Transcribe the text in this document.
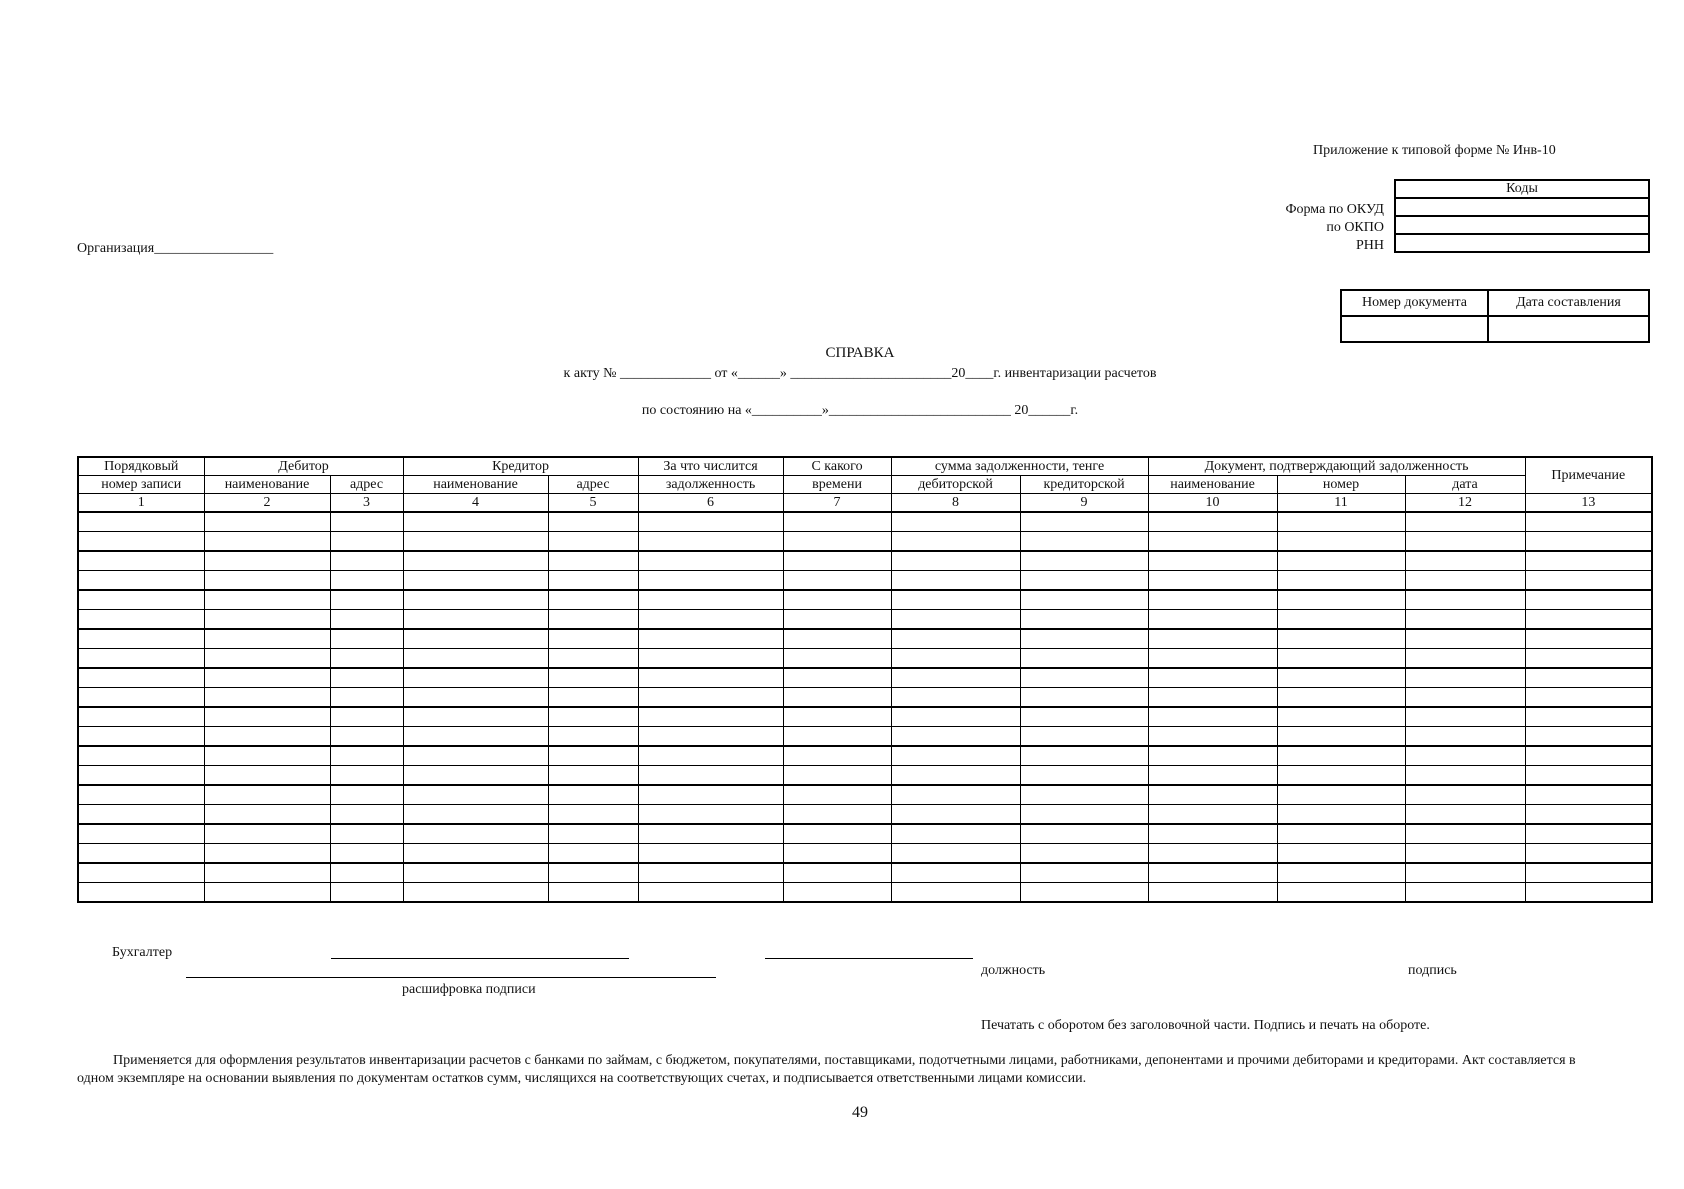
Приложение к типовой форме № Инв-10
Форма по ОКУД
по ОКПО
РНН
Коды

Организация_________________
Номер документа	Дата составления

СПРАВКА
к акту № _____________ от «______» _______________________20____г. инвентаризации расчетов
по состоянию на «__________»__________________________ 20______г.
Порядковый	Дебитор		Кредитор		За что числится	С какого	сумма задолженности, тенге		Документ, подтверждающий задолженность			Примечание
номер записи	наименование	адрес	наименование	адрес	задолженность	времени	дебиторской	кредиторской	наименование	номер	дата	
1	2	3	4	5	6	7	8	9	10	11	12	13

Бухгалтер
расшифровка подписи
должность	подпись
Печатать с оборотом без заголовочной части. Подпись и печать на обороте.
Применяется для оформления результатов инвентаризации расчетов с банками по займам, с бюджетом, покупателями, поставщиками, подотчетными лицами, работниками, депонентами и прочими дебиторами и кредиторами. Акт составляется в одном экземпляре на основании выявления по документам остатков сумм, числящихся на соответствующих счетах, и подписывается ответственными лицами комиссии.
49
